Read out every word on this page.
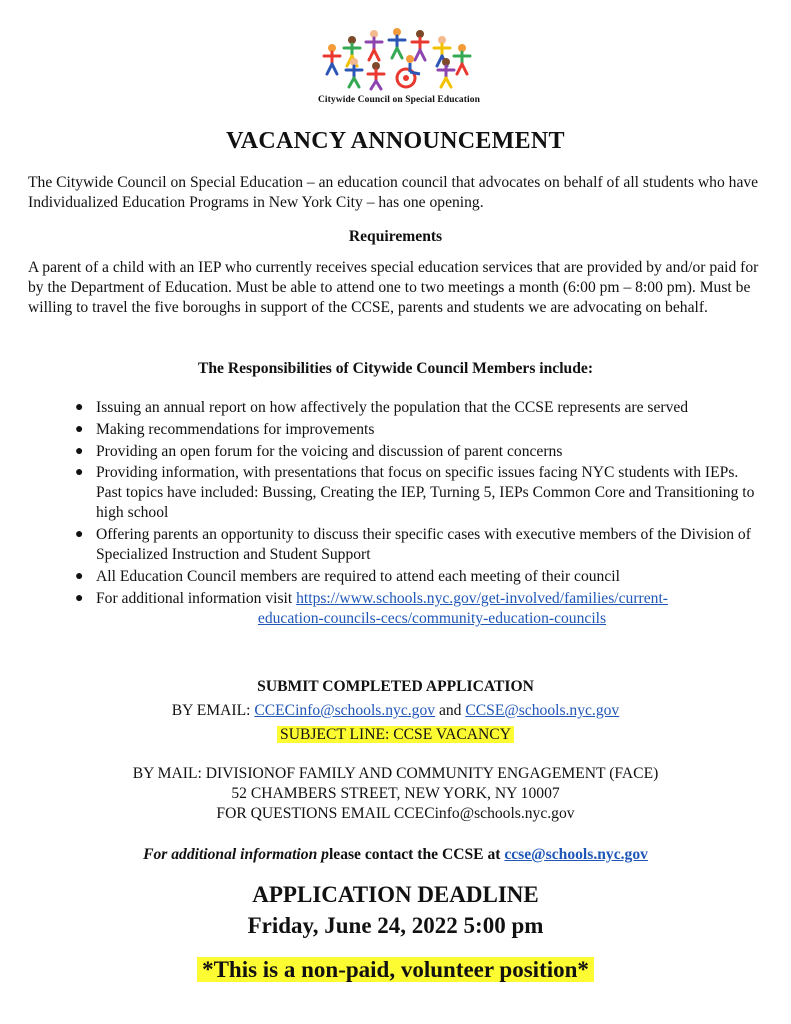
Citywide Council on Special Education
VACANCY ANNOUNCEMENT
The Citywide Council on Special Education – an education council that advocates on behalf of all students who have Individualized Education Programs in New York City – has one opening.
Requirements
A parent of a child with an IEP who currently receives special education services that are provided by and/or paid for by the Department of Education. Must be able to attend one to two meetings a month (6:00 pm – 8:00 pm). Must be willing to travel the five boroughs in support of the CCSE, parents and students we are advocating on behalf.
The Responsibilities of Citywide Council Members include:
● Issuing an annual report on how affectively the population that the CCSE represents are served
● Making recommendations for improvements
● Providing an open forum for the voicing and discussion of parent concerns
● Providing information, with presentations that focus on specific issues facing NYC students with IEPs. Past topics have included: Bussing, Creating the IEP, Turning 5, IEPs Common Core and Transitioning to high school
● Offering parents an opportunity to discuss their specific cases with executive members of the Division of Specialized Instruction and Student Support
● All Education Council members are required to attend each meeting of their council
● For additional information visit https://www.schools.nyc.gov/get-involved/families/current-
education-councils-cecs/community-education-councils
SUBMIT COMPLETED APPLICATION
BY EMAIL: CCECinfo@schools.nyc.gov and CCSE@schools.nyc.gov
SUBJECT LINE: CCSE VACANCY
BY MAIL: DIVISIONOF FAMILY AND COMMUNITY ENGAGEMENT (FACE)
52 CHAMBERS STREET, NEW YORK, NY 10007
FOR QUESTIONS EMAIL CCECinfo@schools.nyc.gov
For additional information please contact the CCSE at ccse@schools.nyc.gov
APPLICATION DEADLINE
Friday, June 24, 2022 5:00 pm
*This is a non-paid, volunteer position*
